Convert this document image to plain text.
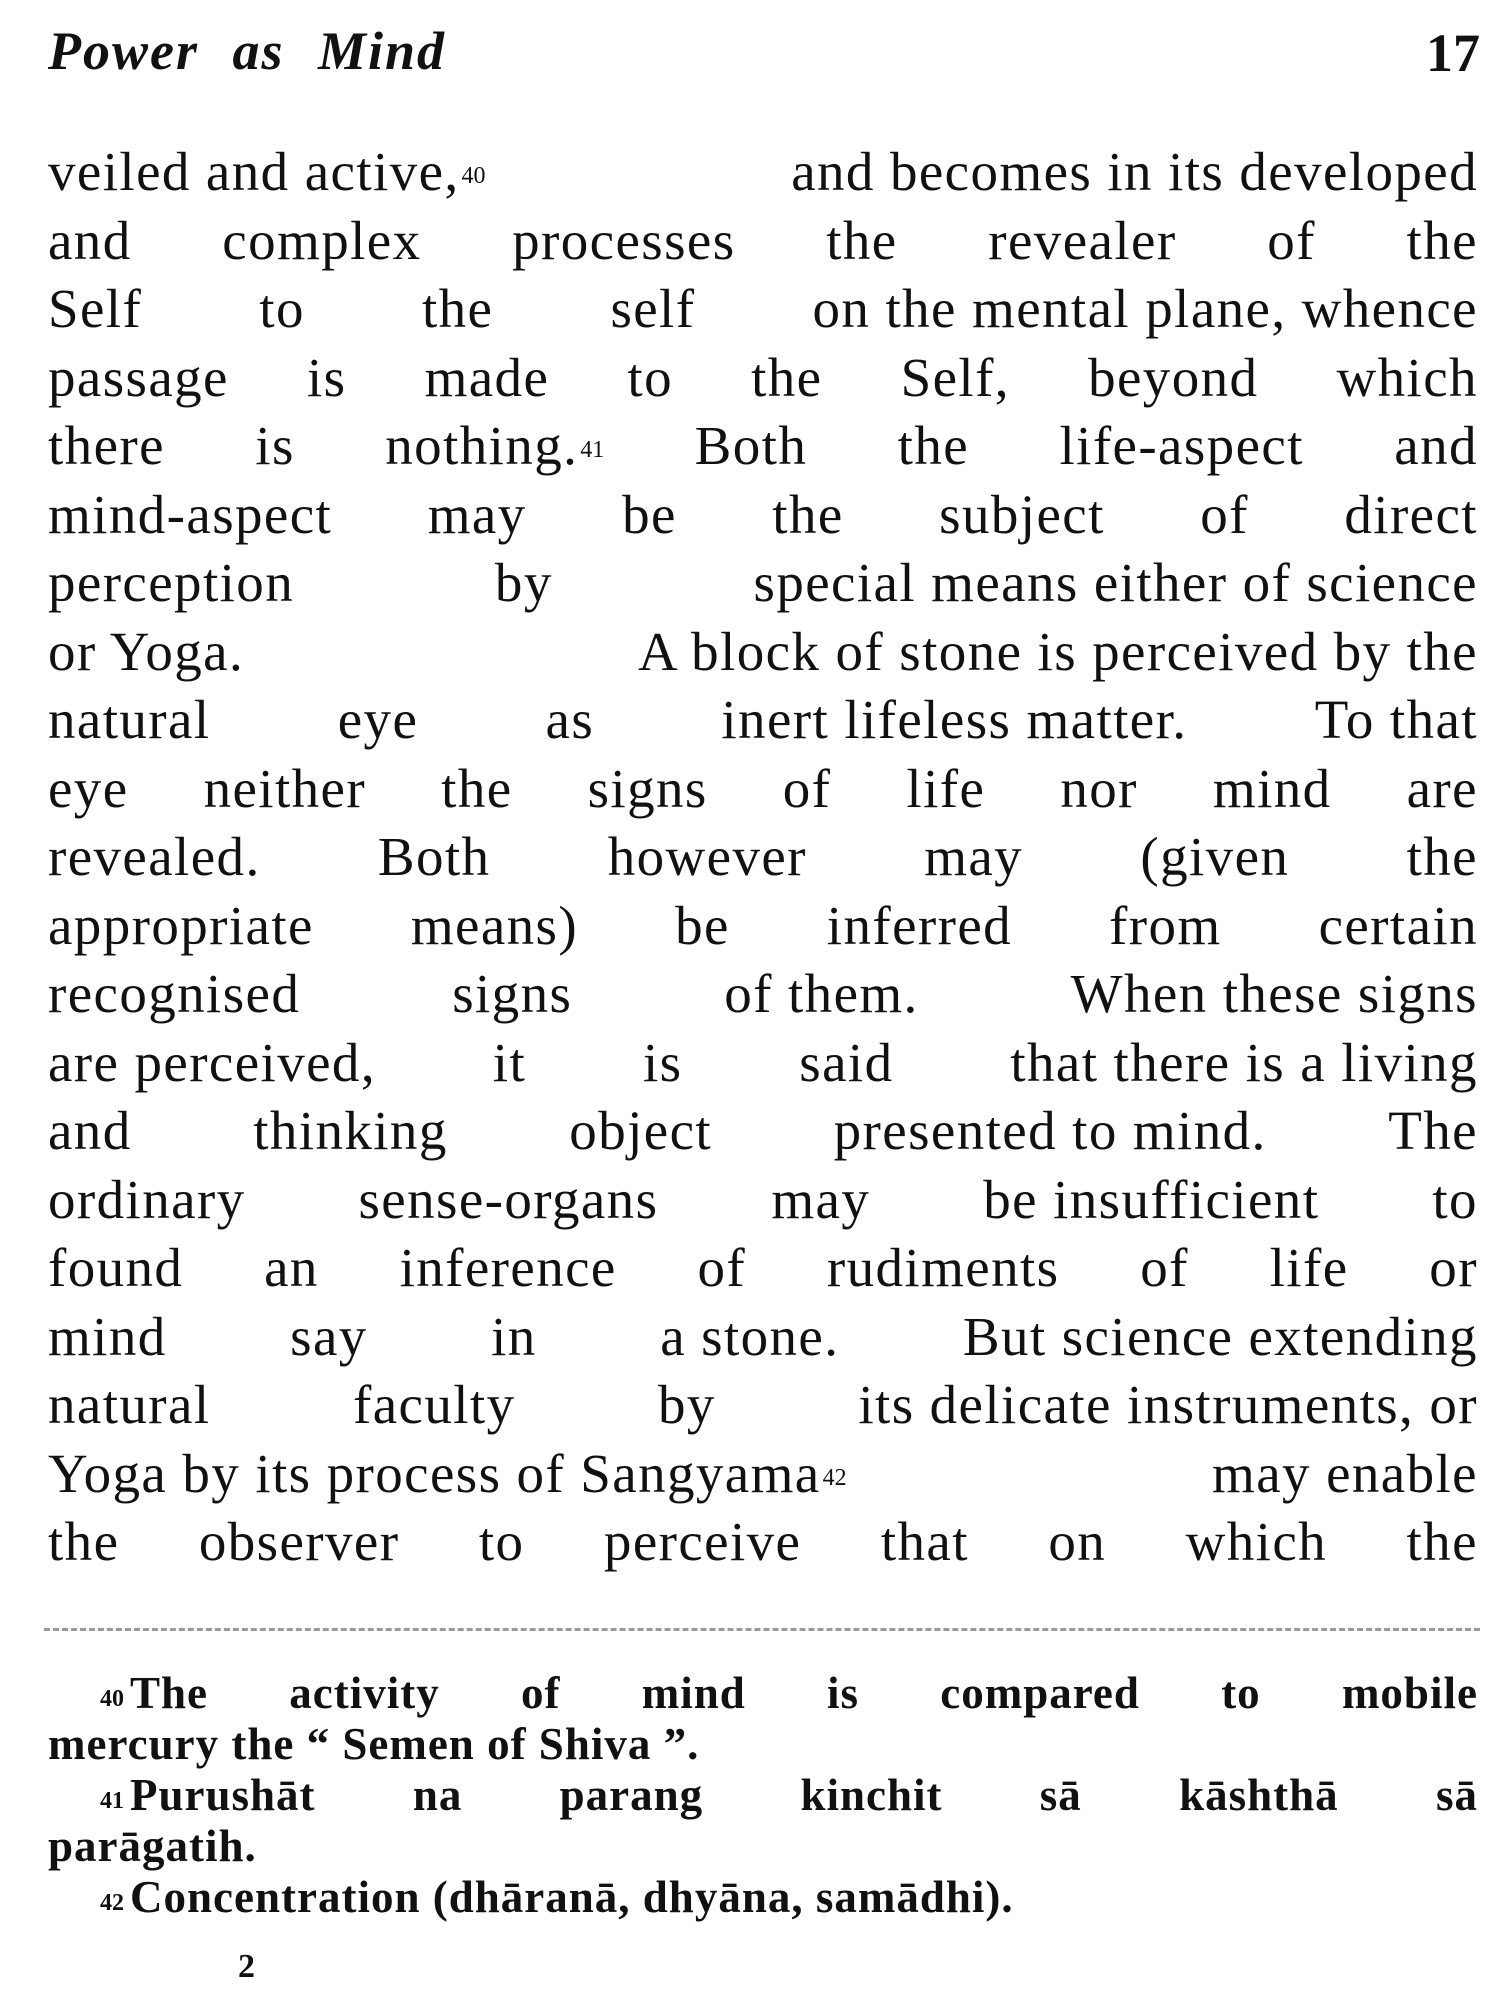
Power as Mind	17
veiled and active,$^{40}$	and becomes in its developed
and complex processes the revealer of the
Self to the self on the mental plane, whence
passage is made to the Self, beyond which
there is nothing.$^{41}$ Both the life-aspect and
mind-aspect may be the subject of direct
perception	by	special means either of science
or Yoga.	A block of stone is perceived by the
natural eye as inert lifeless matter. To that
eye neither the signs of life nor mind are
revealed. Both however may (given the
appropriate means) be inferred from certain
recognised	signs	of them.	When these signs
are perceived, it is said that there is a living
and thinking object presented to mind. The
ordinary sense-organs may be insufficient to
found an inference of rudiments of life or
mind say in a stone. But science extending
natural	faculty	by	its delicate instruments, or
Yoga by its process of Sangyama$^{42}$	may enable
the observer to perceive that on which the
$^{40}$ The activity of mind is compared to mobile
mercury the “ Semen of Shiva ”.
$^{41}$ Purushāt na parang kinchit sā kāshthā sā
parāgatih.
$^{42}$ Concentration (dhāranā, dhyāna, samādhi).
2
